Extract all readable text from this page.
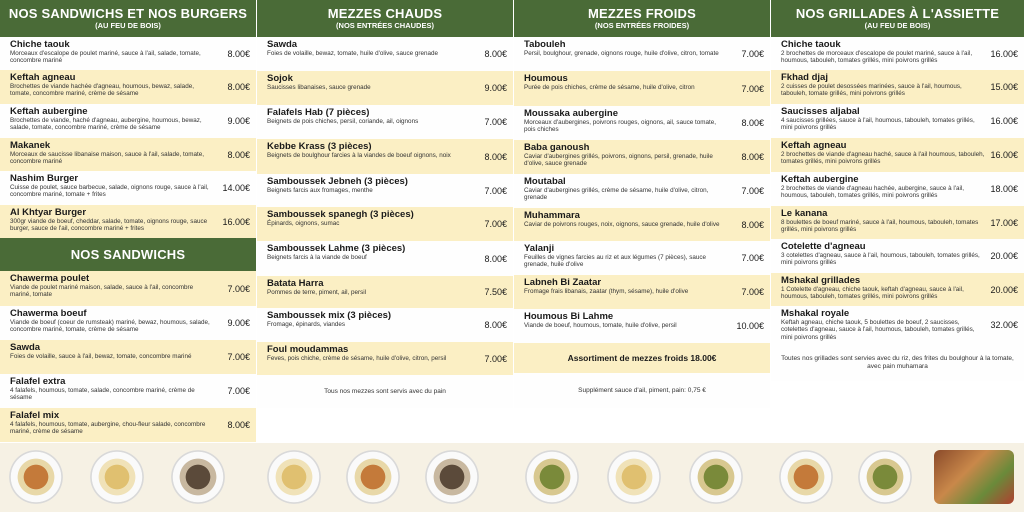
NOS SANDWICHS ET NOS BURGERS
(AU FEU DE BOIS)
Chiche taouk
Morceaux d'escalope de poulet mariné, sauce à l'ail, salade, tomate, concombre mariné
8.00€
Keftah agneau
Brochettes de viande hachée d'agneau, houmous, bewaz, salade, tomate, concombre mariné, crème de sésame
8.00€
Keftah aubergine
Brochettes de viande, haché d'agneau, aubergine, houmous, bewaz, salade, tomate, concombre mariné, crème de sésame
9.00€
Makanek
Morceaux de saucisse libanaise maison, sauce à l'ail, salade, tomate, concombre mariné
8.00€
Nashim Burger
Cuisse de poulet, sauce barbecue, salade, oignons rouge, sauce à l'ail, concombre mariné, tomate + frites
14.00€
Al Khtyar Burger
300gr viande de boeuf, cheddar, salade, tomate, oignons rouge, sauce burger, sauce de l'ail, concombre mariné + frites
16.00€
NOS SANDWICHS
Chawerma poulet
Viande de poulet mariné maison, salade, sauce à l'ail, concombre mariné, tomate
7.00€
Chawerma boeuf
Viande de boeuf (coeur de rumsteak) mariné, bewaz, houmous, salade, concombre mariné, tomate, crème de sésame
9.00€
Sawda
Foies de volaille, sauce à l'ail, bewaz, tomate, concombre mariné	7.00€
Falafel extra
4 falafels, houmous, tomate, salade, concombre mariné, crème de sésame
7.00€
Falafel mix
4 falafels, houmous, tomate, aubergine, chou-fleur salade, concombre mariné, crème de sésame
8.00€
MEZZES CHAUDS
(NOS ENTRÉES CHAUDES)
Sawda
Foies de volaille, bewaz, tomate, huile d'olive, sauce grenade	8.00€
Sojok
Saucisses libanaises, sauce grenade	9.00€
Falafels Hab (7 pièces)
Beignets de pois chiches, persil, coriande, ail, oignons	7.00€
Kebbe Krass (3 pièces)
Beignets de boulghour farcies à la viandes de boeuf oignons, noix	8.00€
Samboussek Jebneh (3 pièces)
Beignets farcis aux fromages, menthe	7.00€
Samboussek spanegh (3 pièces)
Épinards, oignons, sumac	7.00€
Samboussek Lahme (3 pièces)
Beignets farcis à la viande de boeuf	8.00€
Batata Harra
Pommes de terre, piment, ail, persil	7.50€
Samboussek mix (3 pièces)
Fromage, épinards, viandes	8.00€
Foul moudammas
Feves, pois chiche, crème de sésame, huile d'olive, citron, persil	7.00€
Tous nos mezzes sont servis avec du pain
MEZZES FROIDS
(NOS ENTRÉES FROIDES)
Tabouleh
Persil, boulghour, grenade, oignons rouge, huile d'olive, citron, tomate	7.00€
Houmous
Purée de pois chiches, crème de sésame, huile d'olive, citron	7.00€
Moussaka aubergine
Morceaux d'aubergines, poivrons rouges, oignons, ail, sauce tomate, pois chiches
8.00€
Baba ganoush
Caviar d'aubergines grillés, poivrons, oignons, persil, grenade, huile d'olive, sauce grenade
8.00€
Moutabal
Caviar d'aubergines grillés, crème de sésame, huile d'olive, citron, grenade
7.00€
Muhammara
Caviar de poivrons rouges, noix, oignons, sauce grenade, huile d'olive	8.00€
Yalanji
Feuilles de vignes farcies au riz et aux légumes (7 pièces), sauce grenade, huile d'olive
7.00€
Labneh Bi Zaatar
Fromage frais libanais, zaatar (thym, sésame), huile d'olive	7.00€
Houmous Bi Lahme
Viande de boeuf, houmous, tomate, huile d'olive, persil	10.00€
Assortiment de mezzes froids 18.00€
Supplément sauce d'ail, piment, pain: 0,75 €
NOS GRILLADES À L'ASSIETTE
(AU FEU DE BOIS)
Chiche taouk
2 brochettes de morceaux d'escalope de poulet mariné, sauce à l'ail, houmous, tabouleh, tomates grillés, mini poivrons grillés
16.00€
Fkhad djaj
2 cuisses de poulet desossées marinées, sauce à l'ail, houmous, tabouleh, tomate grillés, mini poivrons grillés
15.00€
Saucisses aljabal
4 saucisses grillées, sauce à l'ail, houmous, tabouleh, tomates grillés, mini poivrons grillés
16.00€
Keftah agneau
2 brochettes de viande d'agneau haché, sauce à l'ail houmous, tabouleh, tomates grillés, mini poivrons grillés
16.00€
Keftah aubergine
2 brochettes de viande d'agneau hachée, aubergine, sauce à l'ail, houmous, tabouleh, tomates grillés, mini poivrons grillés
18.00€
Le kanana
8 boulettes de boeuf mariné, sauce à l'ail, houmous, tabouleh, tomates grillés, mini poivrons grillés
17.00€
Cotelette d'agneau
3 cotelettes d'agneau, sauce à l'ail, houmous, tabouleh, tomates grillés, mini poivrons grillés
20.00€
Mshakal grillades
1 Cotelette d'agneau, chiche taouk, keftah d'agneau, sauce à l'ail, houmous, tabouleh, tomates grillés, mini poivrons grillés
20.00€
Mshakal royale
Keftah agneau, chiche taouk, 5 boulettes de boeuf, 2 saucisses, cotelettes d'agneau, sauce à l'ail, houmous, tabouleh, tomates grillés, mini poivrons grillés
32.00€
Toutes nos grillades sont servies avec du riz, des frites du boulghour à la tomate, avec pain muhamara
